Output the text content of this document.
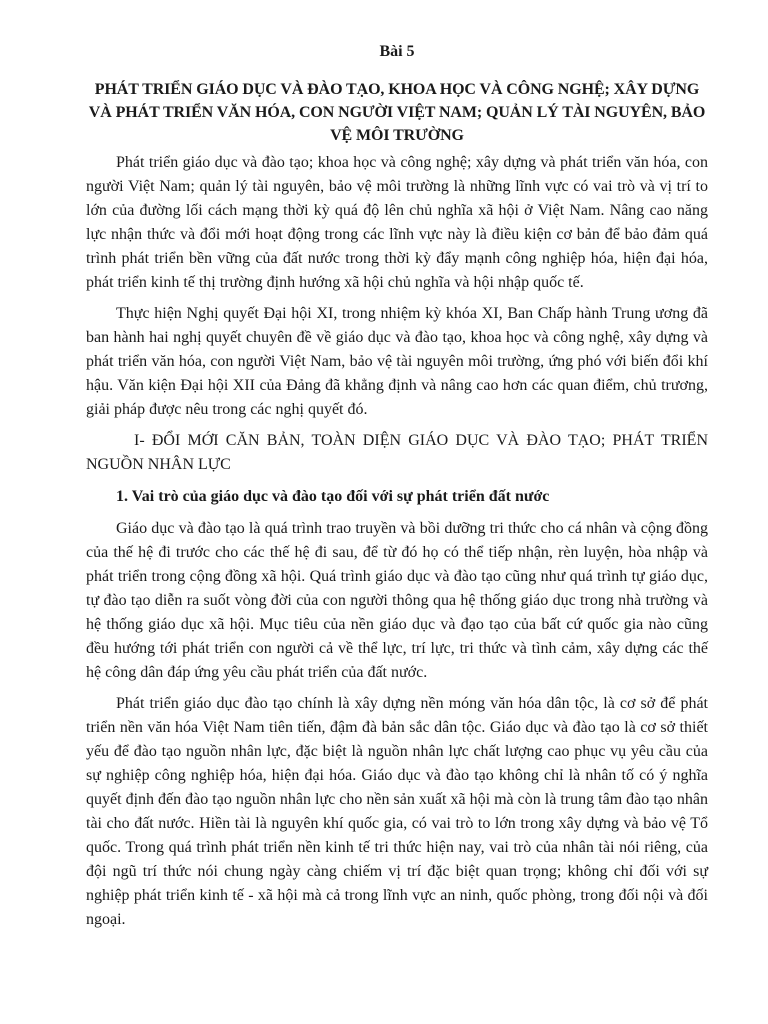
Bài 5
PHÁT TRIỂN GIÁO DỤC VÀ ĐÀO TẠO, KHOA HỌC VÀ CÔNG NGHỆ; XÂY DỰNG VÀ PHÁT TRIỂN VĂN HÓA, CON NGƯỜI VIỆT NAM; QUẢN LÝ TÀI NGUYÊN, BẢO VỆ MÔI TRƯỜNG

Phát triển giáo dục và đào tạo; khoa học và công nghệ; xây dựng và phát triển văn hóa, con người Việt Nam; quản lý tài nguyên, bảo vệ môi trường là những lĩnh vực có vai trò và vị trí to lớn của đường lối cách mạng thời kỳ quá độ lên chủ nghĩa xã hội ở Việt Nam. Nâng cao năng lực nhận thức và đổi mới hoạt động trong các lĩnh vực này là điều kiện cơ bản để bảo đảm quá trình phát triển bền vững của đất nước trong thời kỳ đẩy mạnh công nghiệp hóa, hiện đại hóa, phát triển kinh tế thị trường định hướng xã hội chủ nghĩa và hội nhập quốc tế.

Thực hiện Nghị quyết Đại hội XI, trong nhiệm kỳ khóa XI, Ban Chấp hành Trung ương đã ban hành hai nghị quyết chuyên đề về giáo dục và đào tạo, khoa học và công nghệ, xây dựng và phát triển văn hóa, con người Việt Nam, bảo vệ tài nguyên môi trường, ứng phó với biến đổi khí hậu. Văn kiện Đại hội XII của Đảng đã khẳng định và nâng cao hơn các quan điểm, chủ trương, giải pháp được nêu trong các nghị quyết đó.

I- ĐỔI MỚI CĂN BẢN, TOÀN DIỆN GIÁO DỤC VÀ ĐÀO TẠO; PHÁT TRIỂN NGUỒN NHÂN LỰC
1. Vai trò của giáo dục và đào tạo đối với sự phát triển đất nước

Giáo dục và đào tạo là quá trình trao truyền và bồi dưỡng tri thức cho cá nhân và cộng đồng của thế hệ đi trước cho các thế hệ đi sau, để từ đó họ có thể tiếp nhận, rèn luyện, hòa nhập và phát triển trong cộng đồng xã hội. Quá trình giáo dục và đào tạo cũng như quá trình tự giáo dục, tự đào tạo diễn ra suốt vòng đời của con người thông qua hệ thống giáo dục trong nhà trường và hệ thống giáo dục xã hội. Mục tiêu của nền giáo dục và đạo tạo của bất cứ quốc gia nào cũng đều hướng tới phát triển con người cả về thể lực, trí lực, tri thức và tình cảm, xây dựng các thế hệ công dân đáp ứng yêu cầu phát triển của đất nước.

Phát triển giáo dục đào tạo chính là xây dựng nền móng văn hóa dân tộc, là cơ sở để phát triển nền văn hóa Việt Nam tiên tiến, đậm đà bản sắc dân tộc. Giáo dục và đào tạo là cơ sở thiết yếu để đào tạo nguồn nhân lực, đặc biệt là nguồn nhân lực chất lượng cao phục vụ yêu cầu của sự nghiệp công nghiệp hóa, hiện đại hóa. Giáo dục và đào tạo không chỉ là nhân tố có ý nghĩa quyết định đến đào tạo nguồn nhân lực cho nền sản xuất xã hội mà còn là trung tâm đào tạo nhân tài cho đất nước. Hiền tài là nguyên khí quốc gia, có vai trò to lớn trong xây dựng và bảo vệ Tổ quốc. Trong quá trình phát triển nền kinh tế tri thức hiện nay, vai trò của nhân tài nói riêng, của đội ngũ trí thức nói chung ngày càng chiếm vị trí đặc biệt quan trọng; không chỉ đối với sự nghiệp phát triển kinh tế - xã hội mà cả trong lĩnh vực an ninh, quốc phòng, trong đối nội và đối ngoại.
